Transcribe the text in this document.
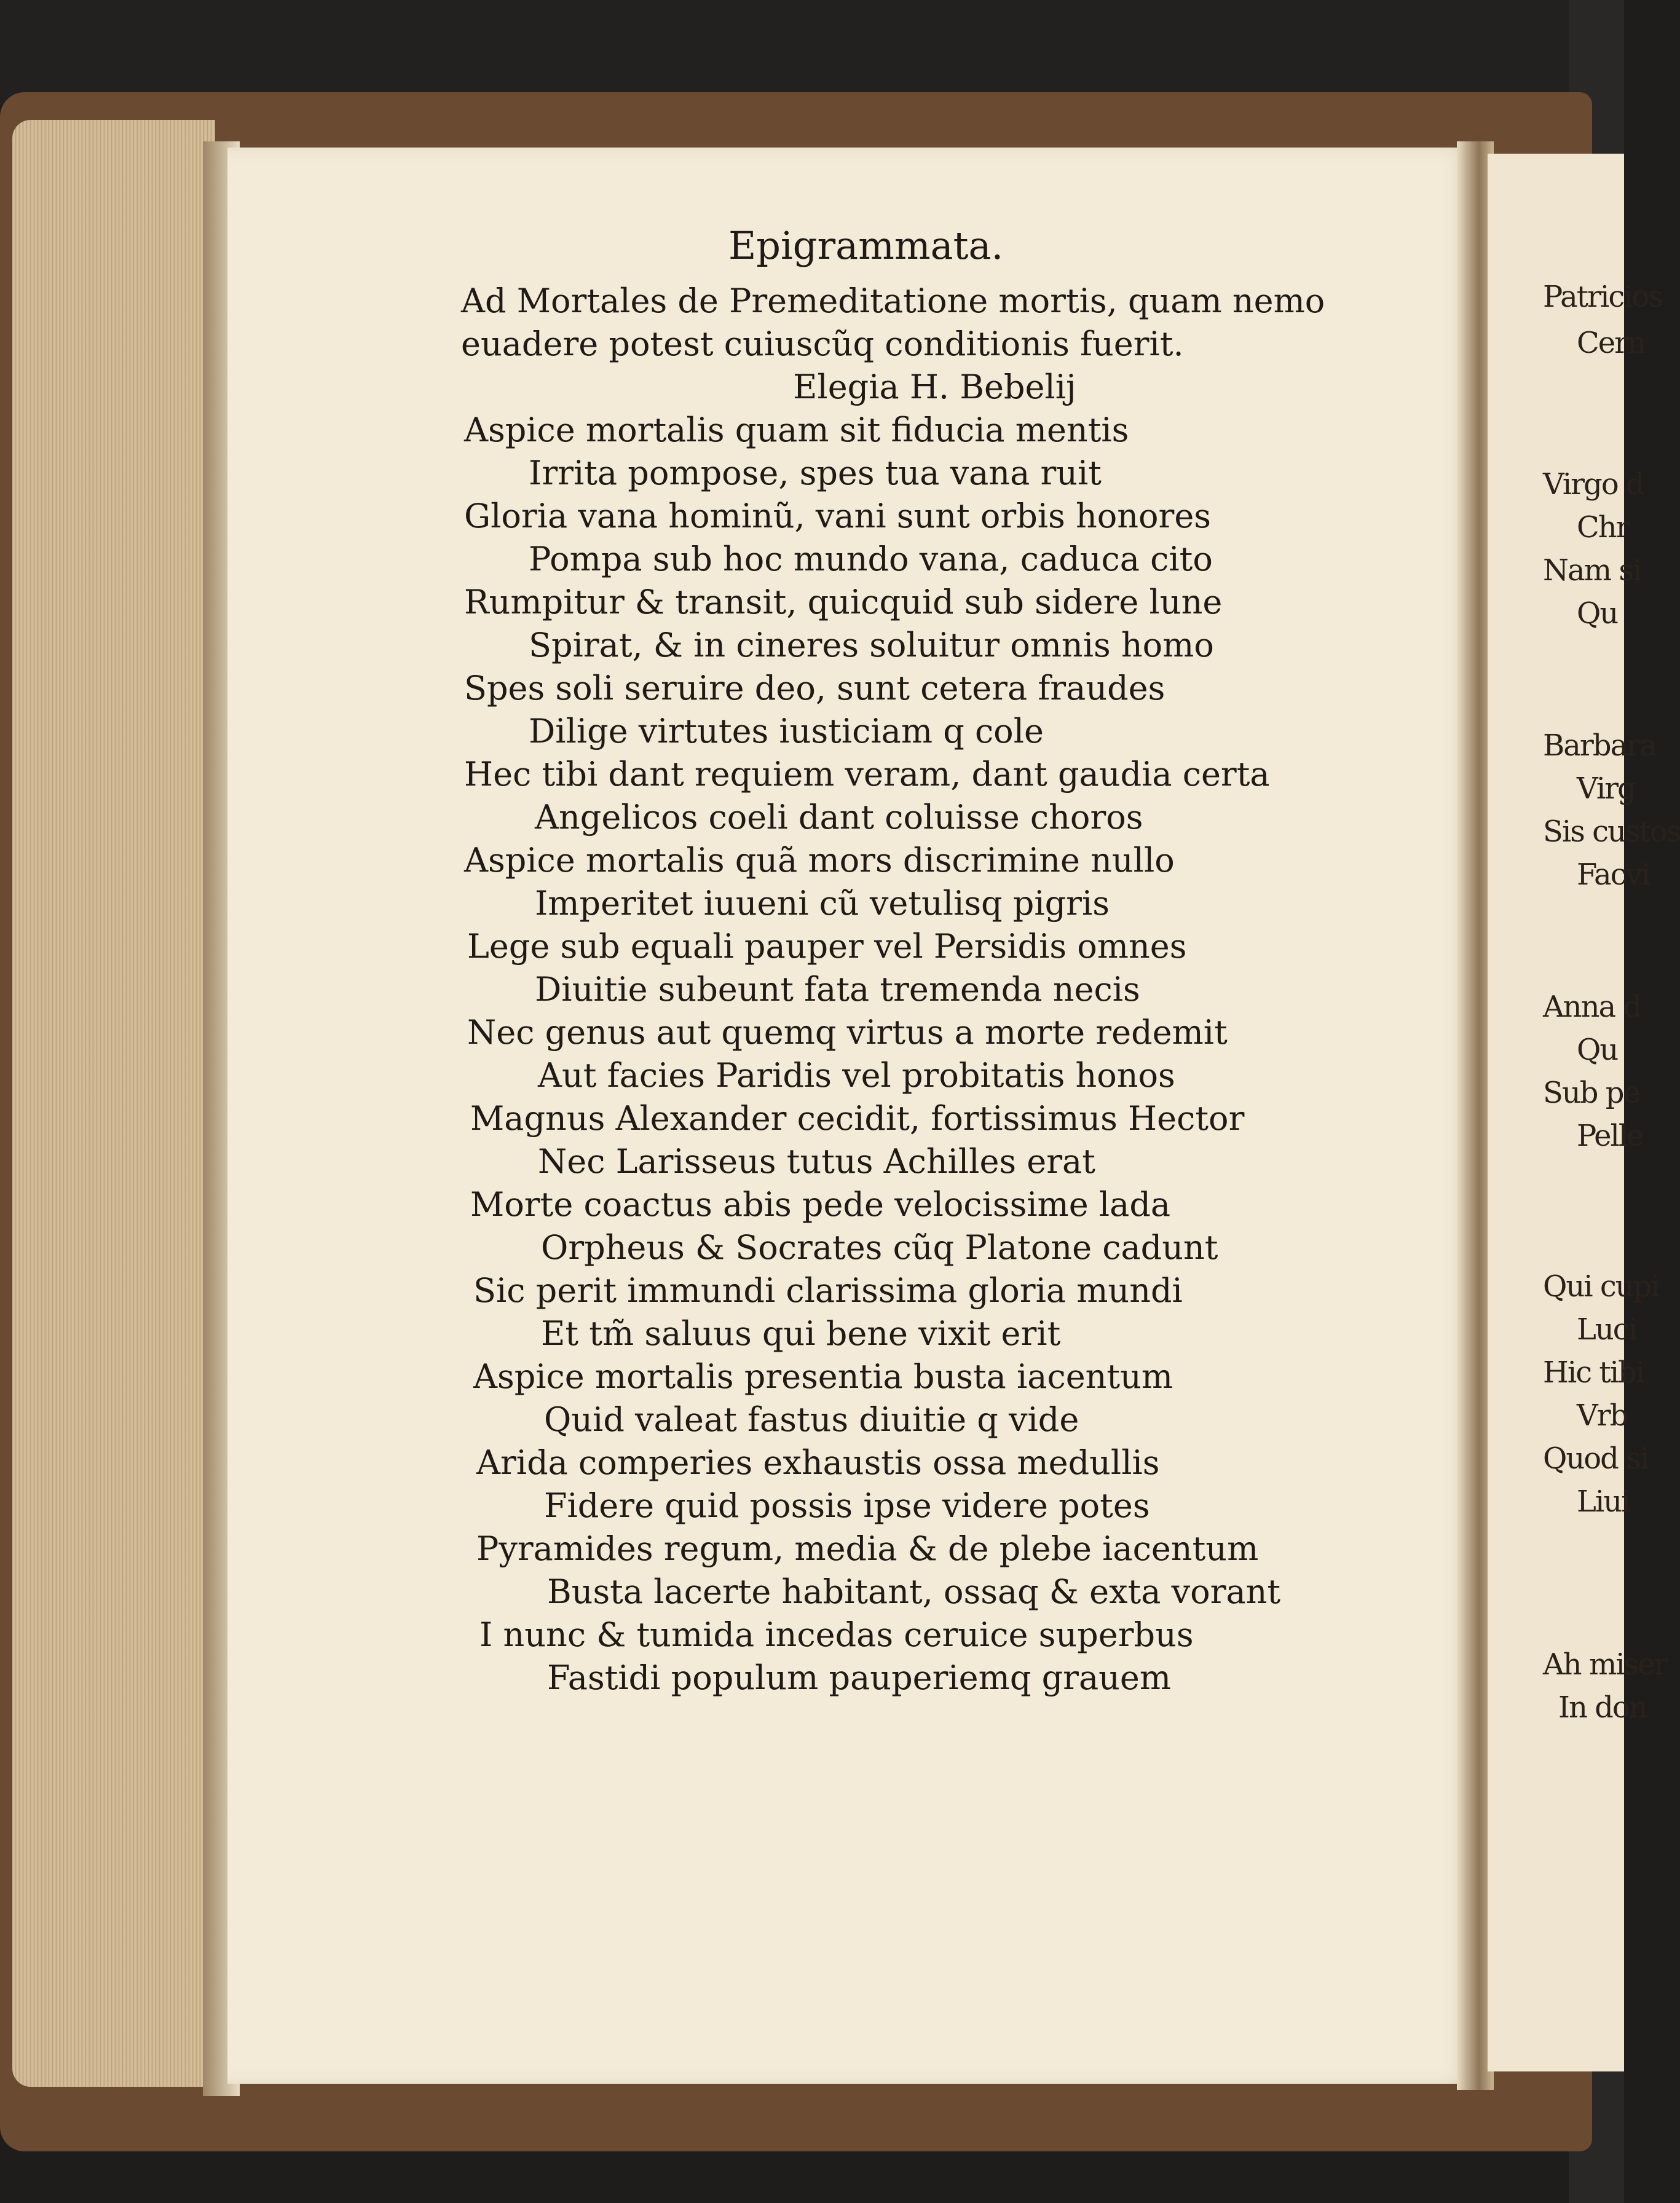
Epigrammata.
Ad Mortales de Premeditatione mortis, quam nemo
euadere potest cuiuscũq conditionis fuerit.
Elegia H. Bebelij
Aspice mortalis quam sit fiducia mentis
Irrita pompose, spes tua vana ruit
Gloria vana hominũ, vani sunt orbis honores
Pompa sub hoc mundo vana, caduca cito
Rumpitur & transit, quicquid sub sidere lune
Spirat, & in cineres soluitur omnis homo
Spes soli seruire deo, sunt cetera fraudes
Dilige virtutes iusticiam q cole
Hec tibi dant requiem veram, dant gaudia certa
Angelicos coeli dant coluisse choros
Aspice mortalis quã mors discrimine nullo
Imperitet iuueni cũ vetulisq pigris
Lege sub equali pauper vel Persidis omnes
Diuitie subeunt fata tremenda necis
Nec genus aut quemq virtus a morte redemit
Aut facies Paridis vel probitatis honos
Magnus Alexander cecidit, fortissimus Hector
Nec Larisseus tutus Achilles erat
Morte coactus abis pede velocissime lada
Orpheus & Socrates cũq Platone cadunt
Sic perit immundi clarissima gloria mundi
Et tm̃ saluus qui bene vixit erit
Aspice mortalis presentia busta iacentum
Quid valeat fastus diuitie q vide
Arida comperies exhaustis ossa medullis
Fidere quid possis ipse videre potes
Pyramides regum, media & de plebe iacentum
Busta lacerte habitant, ossaq & exta vorant
I nunc & tumida incedas ceruice superbus
Fastidi populum pauperiemq grauem
Patricios
Cern
Virgo d
Chr
Nam si
Qu
Barbara
Virg
Sis custos
Facvi
Anna d
Qu
Sub pe
Pelle
Qui cupi
Luci
Hic tibi
Vrb
Quod si
Liui
Ah miser
In don
